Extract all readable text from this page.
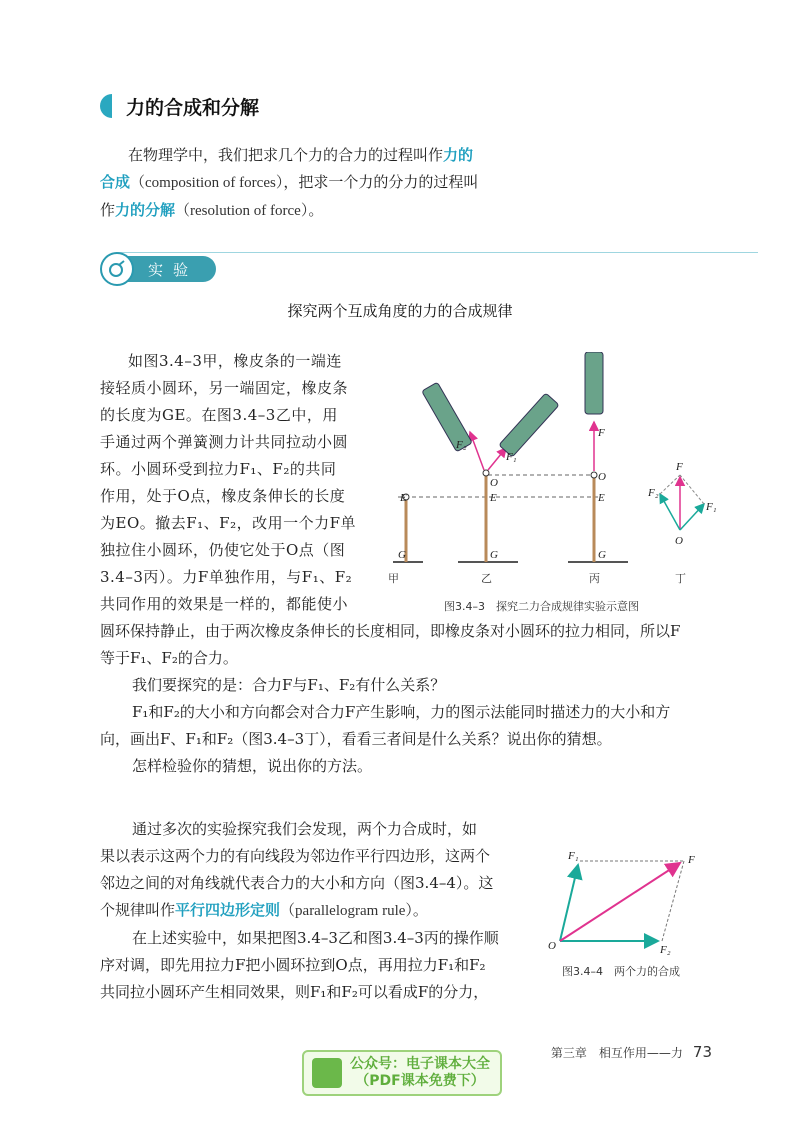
力的合成和分解

在物理学中，我们把求几个力的合力的过程叫作力的

合成（composition of forces），把求一个力的分力的过程叫

作力的分解（resolution of force）。

实验
探究两个互成角度的力的合成规律

如图3.4–3甲，橡皮条的一端连

接轻质小圆环，另一端固定，橡皮条

的长度为GE。在图3.4–3乙中，用

手通过两个弹簧测力计共同拉动小圆

环。小圆环受到拉力F₁、F₂的共同

作用，处于O点，橡皮条伸长的长度

为EO。撤去F₁、F₂，改用一个力F单

独拉住小圆环，仍使它处于O点（图

3.4–3丙）。力F单独作用，与F₁、F₂

共同作用的效果是一样的，都能使小

圆环保持静止，由于两次橡皮条伸长的长度相同，即橡皮条对小圆环的拉力相同，所以F

等于F₁、F₂的合力。

我们要探究的是：合力F与F₁、F₂有什么关系？

F₁和F₂的大小和方向都会对合力F产生影响，力的图示法能同时描述力的大小和方

向，画出F、F₁和F₂（图3.4–3丁），看看三者间是什么关系？说出你的猜想。

怎样检验你的猜想，说出你的方法。

E
G
O
E
G
F₂
F₁
O
E
G
F
F
F₂
F₁
O
甲	乙	丙	丁
图3.4–3　探究二力合成规律实验示意图

通过多次的实验探究我们会发现，两个力合成时，如

果以表示这两个力的有向线段为邻边作平行四边形，这两个

邻边之间的对角线就代表合力的大小和方向（图3.4–4）。这

个规律叫作平行四边形定则（parallelogram rule）。

在上述实验中，如果把图3.4–3乙和图3.4–3丙的操作顺

序对调，即先用拉力F把小圆环拉到O点，再用拉力F₁和F₂

共同拉小圆环产生相同效果，则F₁和F₂可以看成F的分力，

O
F₁	F
F₂
图3.4–4　两个力的合成
第三章　相互作用——力 73
公众号：电子课本大全
（PDF课本免费下）
